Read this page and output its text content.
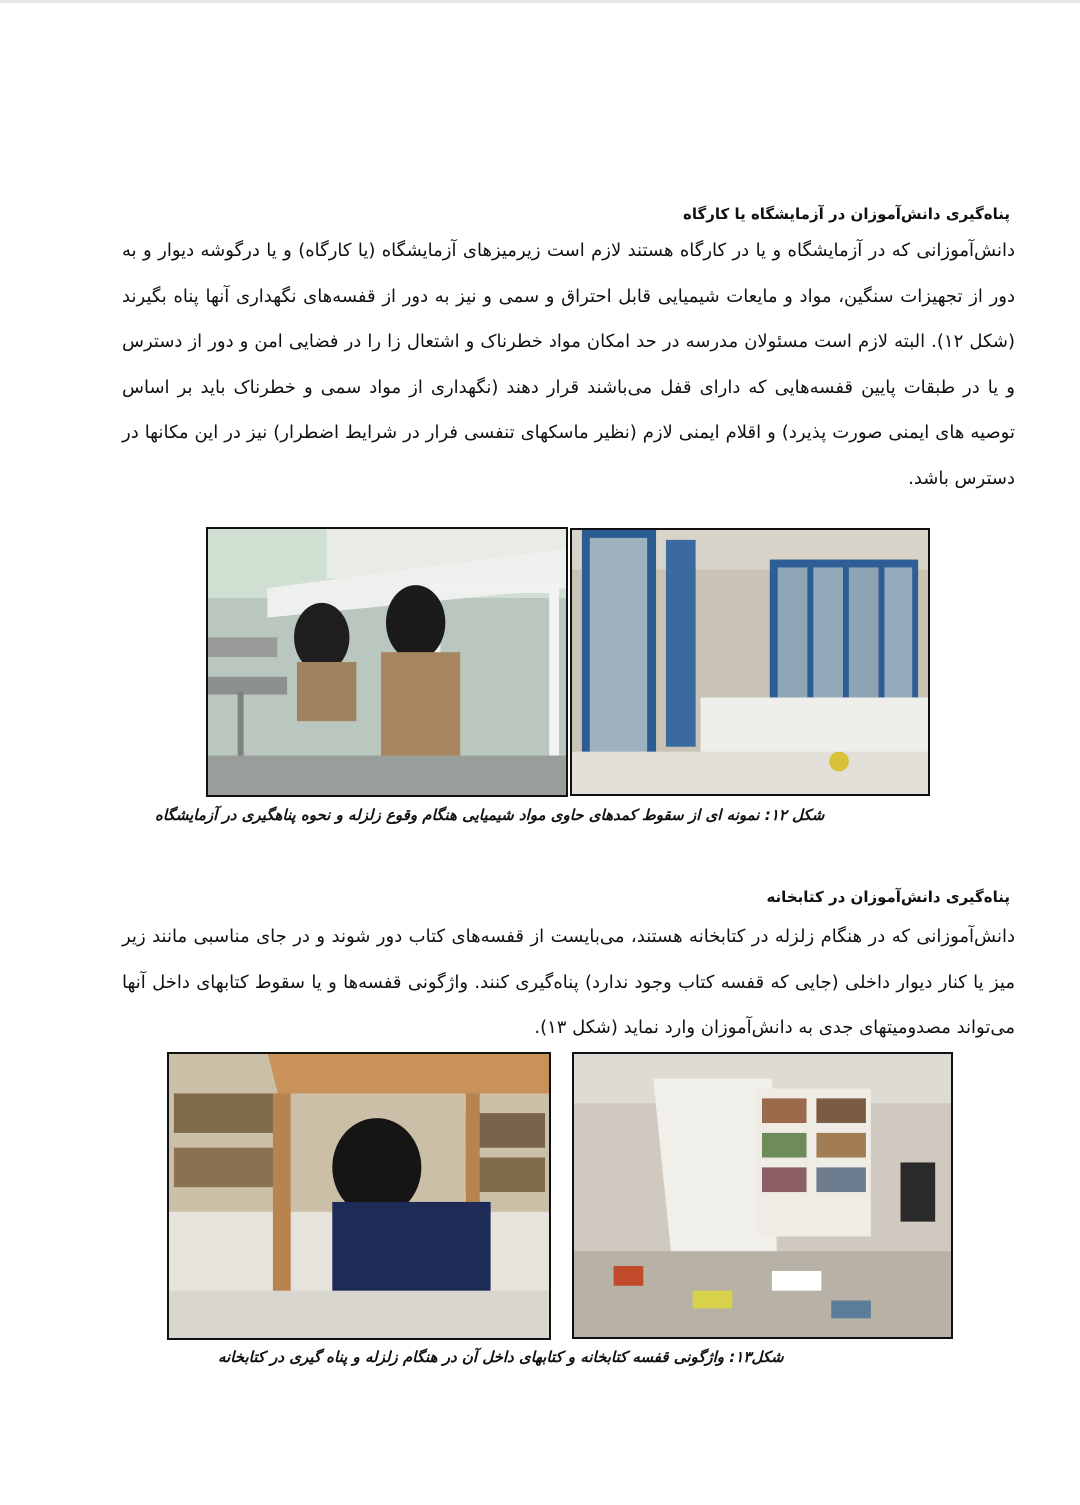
پناه‌گیری دانش‌آموزان در آزمایشگاه یا کارگاه

دانش‌آموزانی که در آزمایشگاه و یا در کارگاه هستند لازم است زیرمیزهای آزمایشگاه (یا کارگاه) و یا درگوشه دیوار و به دور از تجهیزات سنگین، مواد و مایعات شیمیایی قابل احتراق و سمی و نیز به دور از قفسه‌های نگهداری آنها پناه بگیرند (شکل ۱۲). البته لازم است مسئولان مدرسه در حد امکان مواد خطرناک و اشتعال زا را در فضایی امن و دور از دسترس و یا در طبقات پایین قفسه‌هایی که دارای قفل می‌باشند قرار دهند (نگهداری از مواد سمی و خطرناک باید بر اساس توصیه های ایمنی صورت پذیرد) و اقلام ایمنی لازم (نظیر ماسکهای تنفسی فرار در شرایط اضطرار) نیز در این مکانها در دسترس باشد.

شکل ۱۲: نمونه ای از سقوط کمدهای حاوی مواد شیمیایی هنگام وقوع زلزله و نحوه پناهگیری در آزمایشگاه
پناه‌گیری دانش‌آموزان در کتابخانه

دانش‌آموزانی که در هنگام زلزله در کتابخانه هستند، می‌بایست از قفسه‌های کتاب دور شوند و در جای مناسبی مانند زیر میز یا کنار دیوار داخلی (جایی که قفسه کتاب وجود ندارد) پناه‌گیری کنند. واژگونی قفسه‌ها و یا سقوط کتابهای داخل آنها می‌تواند مصدومیتهای جدی به دانش‌آموزان وارد نماید (شکل ۱۳).

شکل۱۳: واژگونی قفسه کتابخانه و کتابهای داخل آن در هنگام زلزله و پناه گیری در کتابخانه
